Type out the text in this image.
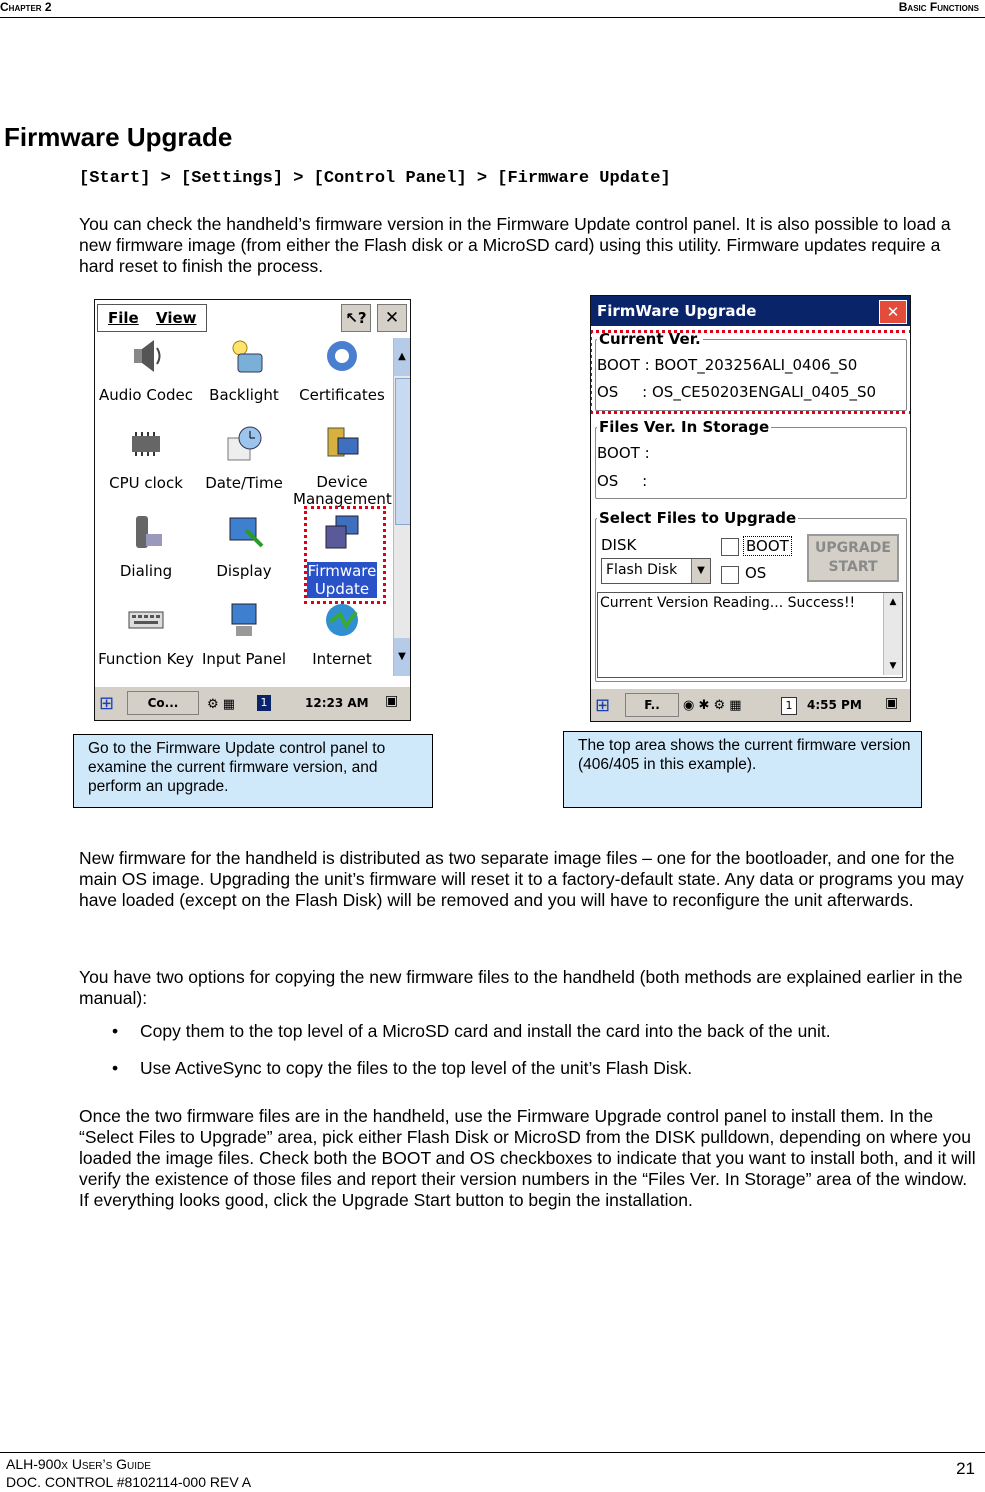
Chapter 2	Basic Functions
Firmware Upgrade
[Start] > [Settings] > [Control Panel] > [Firmware Update]
You can check the handheld’s firmware version in the Firmware Update control panel. It is also possible to load a new firmware image (from either the Flash disk or a MicroSD card) using this utility. Firmware updates require a hard reset to finish the process.
File View	↖?	✕
▲
▼
Audio Codec	Backlight	Certificates
CPU clock	Date/Time	Device Management
Dialing	Display	Firmware Update
Function Key Input Panel	Internet
⊞	Co...	⚙ ▦	1	12:23 AM ▣
FirmWare Upgrade	✕
Current Ver.
BOOT : BOOT_203256ALI_0406_S0
OS     : OS_CE50203ENGALI_0405_S0
Files Ver. In Storage
BOOT :
OS     :
Select Files to Upgrade
DISK
Flash Disk	▼
BOOT
OS
UPGRADE
START
Current Version Reading... Success!!	▲
▼
⊞	F..	◉ ✱ ⚙ ▦	1	4:55 PM ▣
Go to the Firmware Update control panel to examine the current firmware version, and perform an upgrade.
The top area shows the current firmware version (406/405 in this example).
New firmware for the handheld is distributed as two separate image files – one for the bootloader, and one for the main OS image. Upgrading the unit’s firmware will reset it to a factory-default state. Any data or programs you may have loaded (except on the Flash Disk) will be removed and you will have to reconfigure the unit afterwards.
You have two options for copying the new firmware files to the handheld (both methods are explained earlier in the manual):
• Copy them to the top level of a MicroSD card and install the card into the back of the unit.
• Use ActiveSync to copy the files to the top level of the unit’s Flash Disk.
Once the two firmware files are in the handheld, use the Firmware Upgrade control panel to install them. In the “Select Files to Upgrade” area, pick either Flash Disk or MicroSD from the DISK pulldown, depending on where you loaded the image files. Check both the BOOT and OS checkboxes to indicate that you want to install both, and it will verify the existence of those files and report their version numbers in the “Files Ver. In Storage” area of the window. If everything looks good, click the Upgrade Start button to begin the installation.
ALH-900x User’s Guide
DOC. CONTROL #8102114-000 REV A
21
